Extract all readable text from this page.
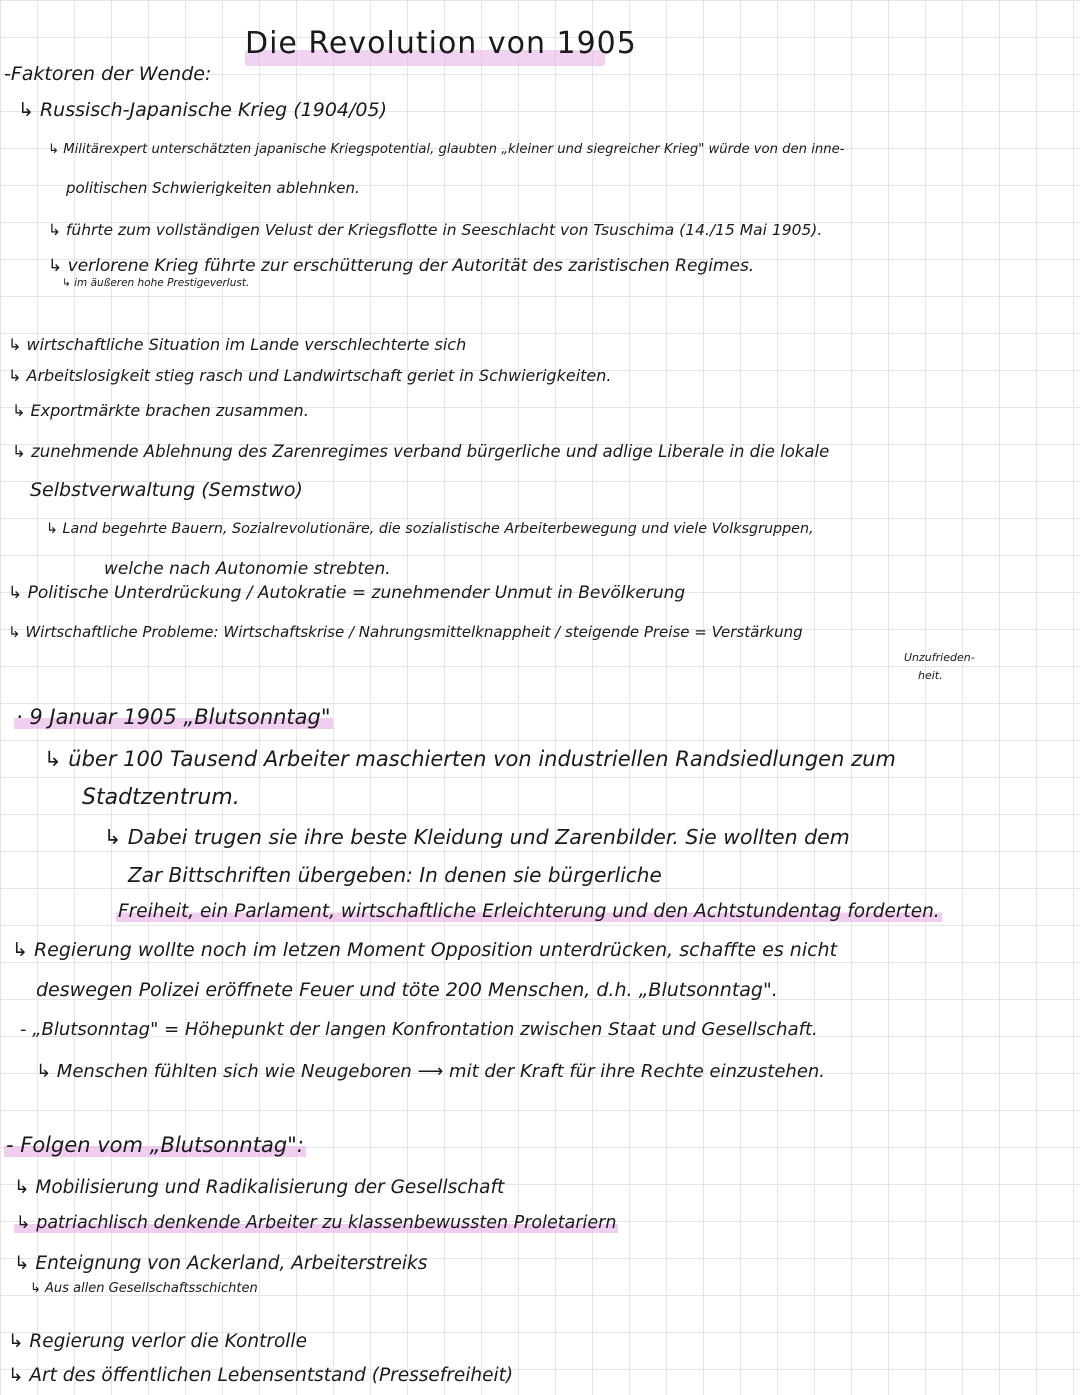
Die Revolution von 1905
-Faktoren der Wende:
↳ Russisch-Japanische Krieg (1904/05)
↳ Militärexpert unterschätzten japanische Kriegspotential, glaubten „kleiner und siegreicher Krieg" würde von den inne-
politischen Schwierigkeiten ablehnken.
↳ führte zum vollständigen Velust der Kriegsflotte in Seeschlacht von Tsuschima (14./15 Mai 1905).
↳ verlorene Krieg führte zur erschütterung der Autorität des zaristischen Regimes.
↳ im äußeren hohe Prestigeverlust.
↳ wirtschaftliche Situation im Lande verschlechterte sich
↳ Arbeitslosigkeit stieg rasch und Landwirtschaft geriet in Schwierigkeiten.
↳ Exportmärkte brachen zusammen.
↳ zunehmende Ablehnung des Zarenregimes verband bürgerliche und adlige Liberale in die lokale
Selbstverwaltung (Semstwo)
↳ Land begehrte Bauern, Sozialrevolutionäre, die sozialistische Arbeiterbewegung und viele Volksgruppen,
welche nach Autonomie strebten.
↳ Politische Unterdrückung / Autokratie = zunehmender Unmut in Bevölkerung
↳ Wirtschaftliche Probleme: Wirtschaftskrise / Nahrungsmittelknappheit / steigende Preise = Verstärkung
Unzufrieden-
heit.
· 9 Januar 1905 „Blutsonntag"
↳ über 100 Tausend Arbeiter maschierten von industriellen Randsiedlungen zum
Stadtzentrum.
↳ Dabei trugen sie ihre beste Kleidung und Zarenbilder. Sie wollten dem
Zar Bittschriften übergeben: In denen sie bürgerliche
Freiheit, ein Parlament, wirtschaftliche Erleichterung und den Achtstundentag forderten.
↳ Regierung wollte noch im letzen Moment Opposition unterdrücken, schaffte es nicht
deswegen Polizei eröffnete Feuer und töte 200 Menschen, d.h. „Blutsonntag".
- „Blutsonntag" = Höhepunkt der langen Konfrontation zwischen Staat und Gesellschaft.
↳ Menschen fühlten sich wie Neugeboren ⟶ mit der Kraft für ihre Rechte einzustehen.
- Folgen vom „Blutsonntag":
↳ Mobilisierung und Radikalisierung der Gesellschaft
↳ patriachlisch denkende Arbeiter zu klassenbewussten Proletariern
↳ Enteignung von Ackerland, Arbeiterstreiks
↳ Aus allen Gesellschaftsschichten
↳ Regierung verlor die Kontrolle
↳ Art des öffentlichen Lebensentstand (Pressefreiheit)
